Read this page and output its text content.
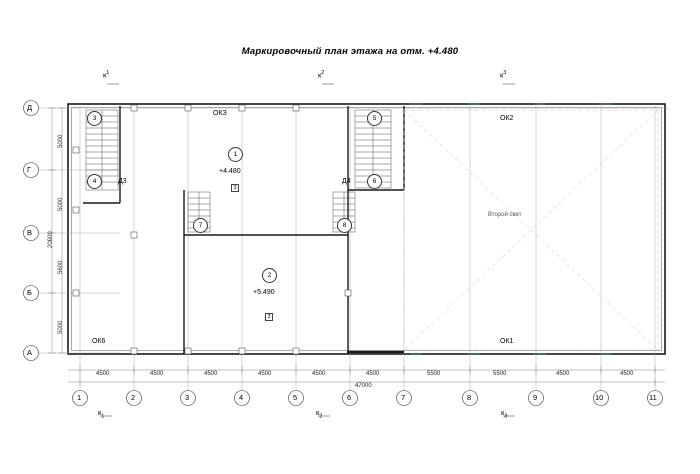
Маркировочный план этажа на отм. +4.480
Д
Г
В
Б
А
1	2	3	4	5	6	7	8	9	10	11
$к^1$	$к^2$	$к^3$
$к_1$	$к_2$	$к_3$
4500	4500	4500	4500	4500	4500	5500	5500	4500	4500
47000
5000
5000
5600
5000
20600
ОКЗ
ОК2
ОК6	ОК1
Д3	Д4
1
+4.480
3
2
+5.490
3
3
4
5
6
7	8
Второй свет
